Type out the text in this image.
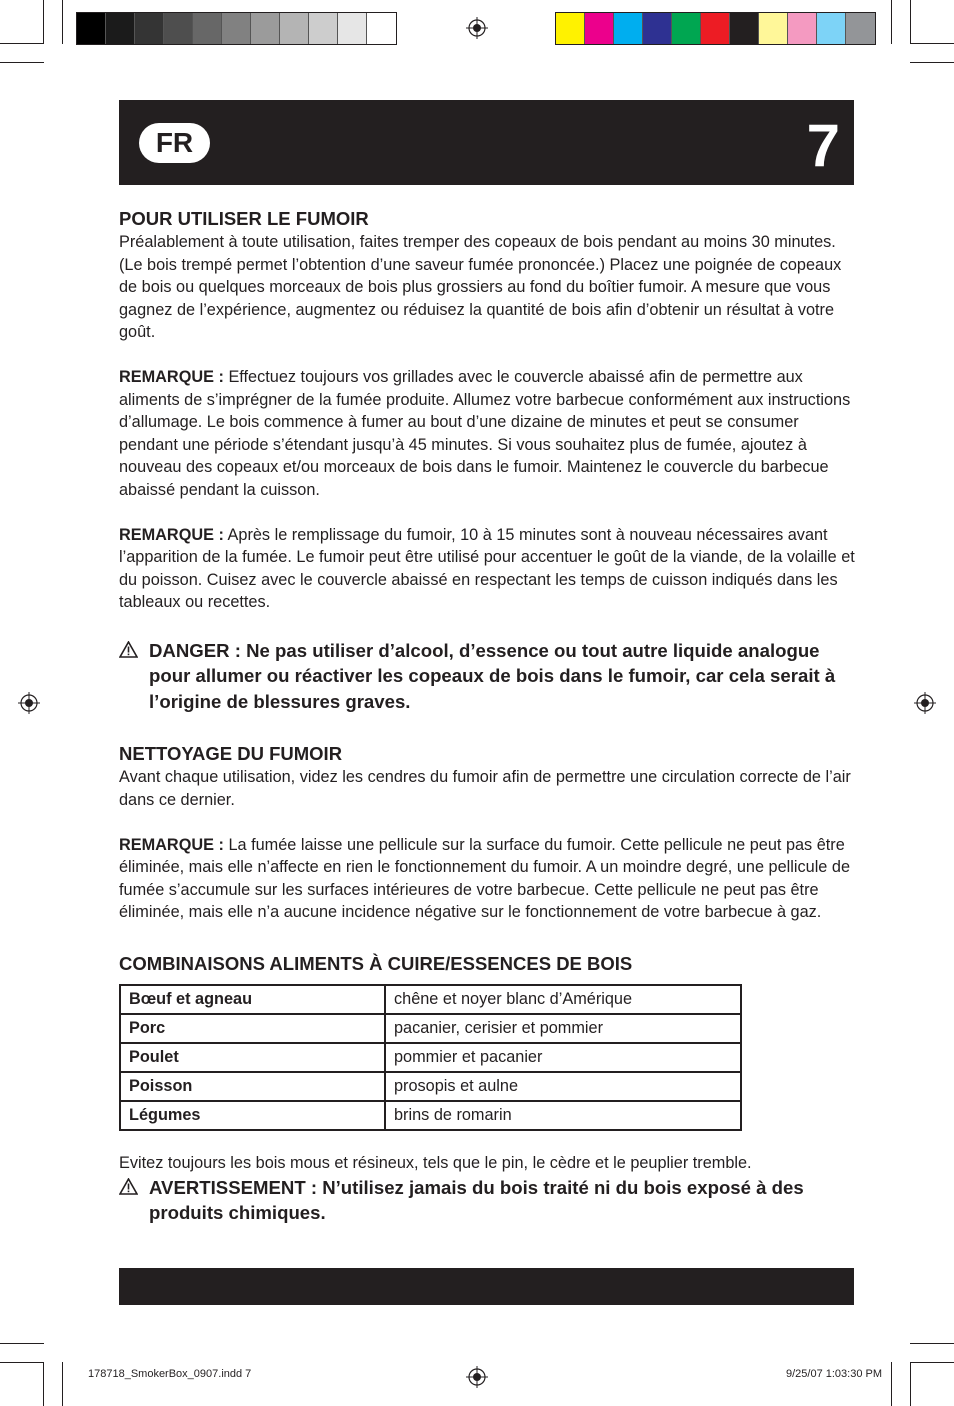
FR	7
POUR UTILISER LE FUMOIR

Préalablement à toute utilisation, faites tremper des copeaux de bois pendant au moins 30 minutes. (Le bois trempé permet l’obtention d’une saveur fumée prononcée.) Placez une poignée de copeaux de bois ou quelques morceaux de bois plus grossiers au fond du boîtier fumoir. A mesure que vous gagnez de l’expérience, augmentez ou réduisez la quantité de bois afin d’obtenir un résultat à votre goût.

REMARQUE : Effectuez toujours vos grillades avec le couvercle abaissé afin de permettre aux aliments de s’imprégner de la fumée produite. Allumez votre barbecue conformément aux instructions d’allumage. Le bois commence à fumer au bout d’une dizaine de minutes et peut se consumer pendant une période s’étendant jusqu’à 45 minutes. Si vous souhaitez plus de fumée, ajoutez à nouveau des copeaux et/ou morceaux de bois dans le fumoir. Maintenez le couvercle du barbecue abaissé pendant la cuisson.

REMARQUE : Après le remplissage du fumoir, 10 à 15 minutes sont à nouveau nécessaires avant l’apparition de la fumée. Le fumoir peut être utilisé pour accentuer le goût de la viande, de la volaille et du poisson. Cuisez avec le couvercle abaissé en respectant les temps de cuisson indiqués dans les tableaux ou recettes.

DANGER : Ne pas utiliser d’alcool, d’essence ou tout autre liquide analogue pour allumer ou réactiver les copeaux de bois dans le fumoir, car cela serait à l’origine de blessures graves.
NETTOYAGE DU FUMOIR

Avant chaque utilisation, videz les cendres du fumoir afin de permettre une circulation correcte de l’air dans ce dernier.

REMARQUE : La fumée laisse une pellicule sur la surface du fumoir. Cette pellicule ne peut pas être éliminée, mais elle n’affecte en rien le fonctionnement du fumoir. A un moindre degré, une pellicule de fumée s’accumule sur les surfaces intérieures de votre barbecue. Cette pellicule ne peut pas être éliminée, mais elle n’a aucune incidence négative sur le fonctionnement de votre barbecue à gaz.

COMBINAISONS ALIMENTS À CUIRE/ESSENCES DE BOIS
Bœuf et agneau	chêne et noyer blanc d’Amérique
Porc	pacanier, cerisier et pommier
Poulet	pommier et pacanier
Poisson	prosopis et aulne
Légumes	brins de romarin

Evitez toujours les bois mous et résineux, tels que le pin, le cèdre et le peuplier tremble.

AVERTISSEMENT : N’utilisez jamais du bois traité ni du bois exposé à des produits chimiques.
178718_SmokerBox_0907.indd 7	9/25/07 1:03:30 PM
